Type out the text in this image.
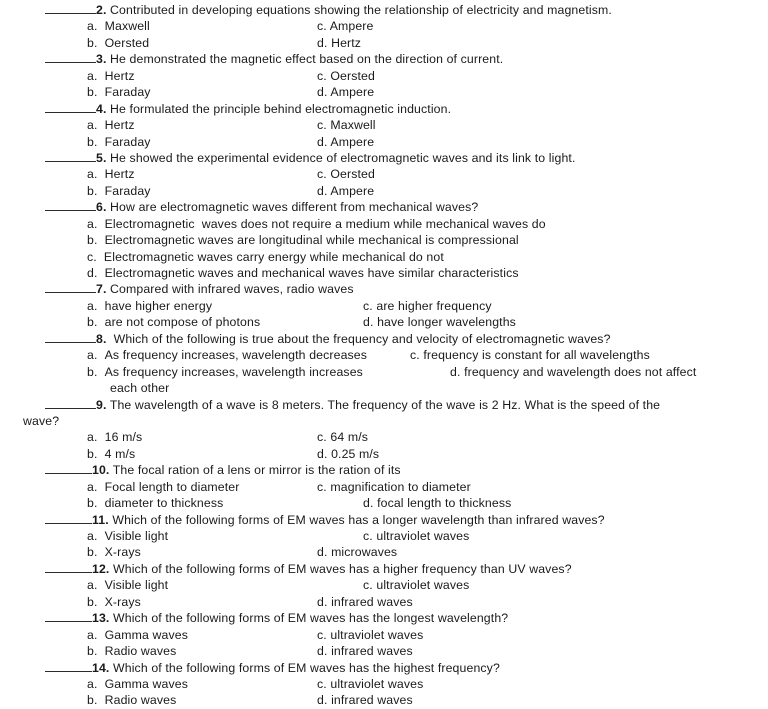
2. Contributed in developing equations showing the relationship of electricity and magnetism.
a. Maxwell	c. Ampere
b. Oersted	d. Hertz
3. He demonstrated the magnetic effect based on the direction of current.
a. Hertz	c. Oersted
b. Faraday	d. Ampere
4. He formulated the principle behind electromagnetic induction.
a. Hertz	c. Maxwell
b. Faraday	d. Ampere
5. He showed the experimental evidence of electromagnetic waves and its link to light.
a. Hertz	c. Oersted
b. Faraday	d. Ampere
6. How are electromagnetic waves different from mechanical waves?
a. Electromagnetic  waves does not require a medium while mechanical waves do
b. Electromagnetic waves are longitudinal while mechanical is compressional
c. Electromagnetic waves carry energy while mechanical do not
d. Electromagnetic waves and mechanical waves have similar characteristics
7. Compared with infrared waves, radio waves
a. have higher energy	c. are higher frequency
b. are not compose of photons	d. have longer wavelengths
8.  Which of the following is true about the frequency and velocity of electromagnetic waves?
a. As frequency increases, wavelength decreases	c. frequency is constant for all wavelengths
b. As frequency increases, wavelength increases	d. frequency and wavelength does not affect
each other
9. The wavelength of a wave is 8 meters. The frequency of the wave is 2 Hz. What is the speed of the
wave?
a. 16 m/s	c. 64 m/s
b. 4 m/s	d. 0.25 m/s
10. The focal ration of a lens or mirror is the ration of its
a. Focal length to diameter	c. magnification to diameter
b. diameter to thickness	d. focal length to thickness
11. Which of the following forms of EM waves has a longer wavelength than infrared waves?
a. Visible light	c. ultraviolet waves
b. X-rays	d. microwaves
12. Which of the following forms of EM waves has a higher frequency than UV waves?
a. Visible light	c. ultraviolet waves
b. X-rays	d. infrared waves
13. Which of the following forms of EM waves has the longest wavelength?
a. Gamma waves	c. ultraviolet waves
b. Radio waves	d. infrared waves
14. Which of the following forms of EM waves has the highest frequency?
a. Gamma waves	c. ultraviolet waves
b. Radio waves	d. infrared waves
